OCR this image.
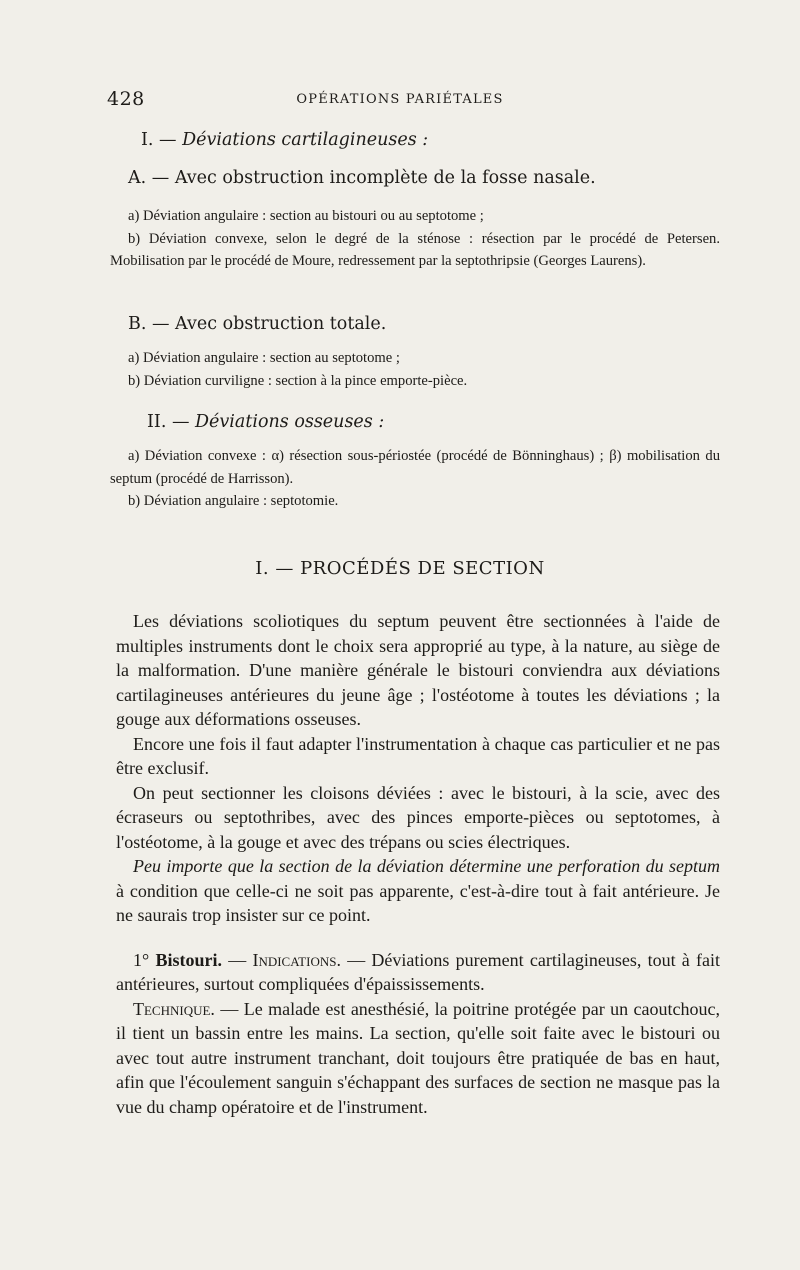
428	OPÉRATIONS PARIÉTALES
I. — Déviations cartilagineuses :
A. — Avec obstruction incomplète de la fosse nasale.

a) Déviation angulaire : section au bistouri ou au septotome ;

b) Déviation convexe, selon le degré de la sténose : résection par le procédé de Petersen. Mobilisation par le procédé de Moure, redressement par la septothripsie (Georges Laurens).

B. — Avec obstruction totale.

a) Déviation angulaire : section au septotome ;

b) Déviation curviligne : section à la pince emporte-pièce.

II. — Déviations osseuses :

a) Déviation convexe : α) résection sous-périostée (procédé de Bönninghaus) ; β) mobilisation du septum (procédé de Harrisson).

b) Déviation angulaire : septotomie.

I. — PROCÉDÉS DE SECTION

Les déviations scoliotiques du septum peuvent être sectionnées à l'aide de multiples instruments dont le choix sera approprié au type, à la nature, au siège de la malformation. D'une manière générale le bistouri conviendra aux déviations cartilagineuses antérieures du jeune âge ; l'ostéotome à toutes les déviations ; la gouge aux déformations osseuses.

Encore une fois il faut adapter l'instrumentation à chaque cas particulier et ne pas être exclusif.

On peut sectionner les cloisons déviées : avec le bistouri, à la scie, avec des écraseurs ou septothribes, avec des pinces emporte-pièces ou septotomes, à l'ostéotome, à la gouge et avec des trépans ou scies électriques.

Peu importe que la section de la déviation détermine une perforation du septum à condition que celle-ci ne soit pas apparente, c'est-à-dire tout à fait antérieure. Je ne saurais trop insister sur ce point.

1° Bistouri. — Indications. — Déviations purement cartilagineuses, tout à fait antérieures, surtout compliquées d'épaississements.

Technique. — Le malade est anesthésié, la poitrine protégée par un caoutchouc, il tient un bassin entre les mains. La section, qu'elle soit faite avec le bistouri ou avec tout autre instrument tranchant, doit toujours être pratiquée de bas en haut, afin que l'écoulement sanguin s'échappant des surfaces de section ne masque pas la vue du champ opératoire et de l'instrument.
